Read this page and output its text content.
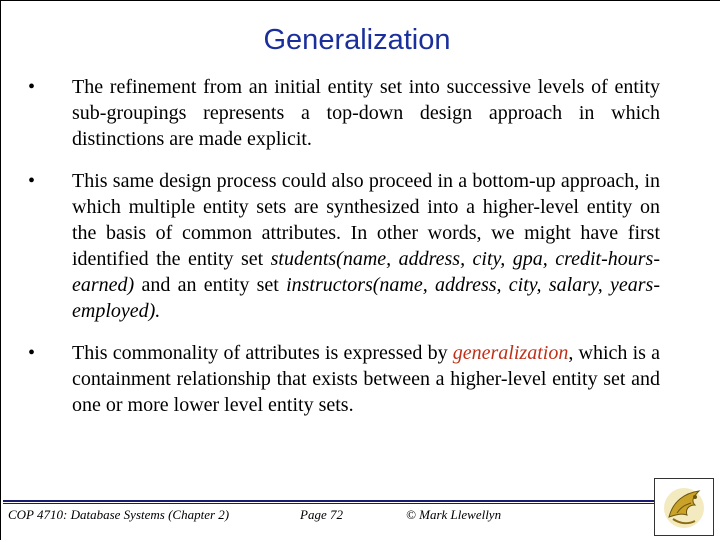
Generalization
•	The refinement from an initial entity set into successive levels of entity sub-groupings represents a top-down design approach in which distinctions are made explicit.
•	This same design process could also proceed in a bottom-up approach, in which multiple entity sets are synthesized into a higher-level entity on the basis of common attributes. In other words, we might have first identified the entity set students(name, address, city, gpa, credit-hours-earned) and an entity set instructors(name, address, city, salary, years-employed).
•	This commonality of attributes is expressed by generalization, which is a containment relationship that exists between a higher-level entity set and one or more lower level entity sets.
COP 4710: Database Systems (Chapter 2)	Page 72	© Mark Llewellyn
